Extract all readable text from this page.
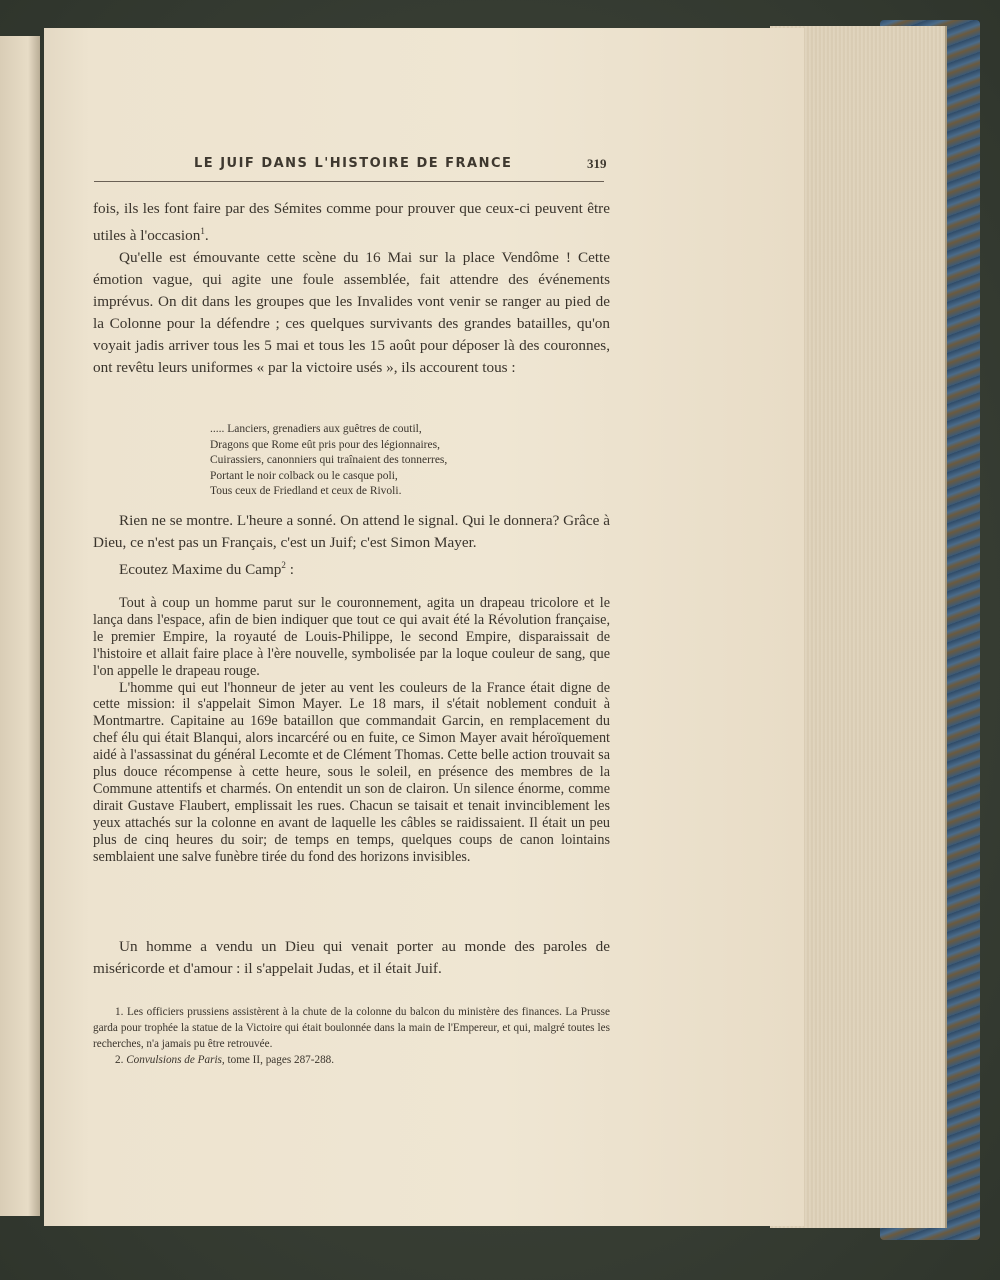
LE JUIF DANS L'HISTOIRE DE FRANCE	319

fois, ils les font faire par des Sémites comme pour prouver que ceux-ci peuvent être utiles à l'occasion$^1$.

Qu'elle est émouvante cette scène du 16 Mai sur la place Vendôme ! Cette émotion vague, qui agite une foule assemblée, fait attendre des événements imprévus. On dit dans les groupes que les Invalides vont venir se ranger au pied de la Colonne pour la défendre ; ces quelques survivants des grandes batailles, qu'on voyait jadis arriver tous les 5 mai et tous les 15 août pour déposer là des couronnes, ont revêtu leurs uniformes « par la victoire usés », ils accourent tous :

..... Lanciers, grenadiers aux guêtres de coutil,
Dragons que Rome eût pris pour des légionnaires,
Cuirassiers, canonniers qui traînaient des tonnerres,
Portant le noir colback ou le casque poli,
Tous ceux de Friedland et ceux de Rivoli.

Rien ne se montre. L'heure a sonné. On attend le signal. Qui le donnera? Grâce à Dieu, ce n'est pas un Français, c'est un Juif; c'est Simon Mayer.

Ecoutez Maxime du Camp$^2$ :

Tout à coup un homme parut sur le couronnement, agita un drapeau tricolore et le lança dans l'espace, afin de bien indiquer que tout ce qui avait été la Révolution française, le premier Empire, la royauté de Louis-Philippe, le second Empire, disparaissait de l'histoire et allait faire place à l'ère nouvelle, symbolisée par la loque couleur de sang, que l'on appelle le drapeau rouge.

L'homme qui eut l'honneur de jeter au vent les couleurs de la France était digne de cette mission: il s'appelait Simon Mayer. Le 18 mars, il s'était noblement conduit à Montmartre. Capitaine au 169e bataillon que commandait Garcin, en remplacement du chef élu qui était Blanqui, alors incarcéré ou en fuite, ce Simon Mayer avait héroïquement aidé à l'assassinat du général Lecomte et de Clément Thomas. Cette belle action trouvait sa plus douce récompense à cette heure, sous le soleil, en présence des membres de la Commune attentifs et charmés. On entendit un son de clairon. Un silence énorme, comme dirait Gustave Flaubert, emplissait les rues. Chacun se taisait et tenait invinciblement les yeux attachés sur la colonne en avant de laquelle les câbles se raidissaient. Il était un peu plus de cinq heures du soir; de temps en temps, quelques coups de canon lointains semblaient une salve funèbre tirée du fond des horizons invisibles.

Un homme a vendu un Dieu qui venait porter au monde des paroles de miséricorde et d'amour : il s'appelait Judas, et il était Juif.

1. Les officiers prussiens assistèrent à la chute de la colonne du balcon du ministère des finances. La Prusse garda pour trophée la statue de la Victoire qui était boulonnée dans la main de l'Empereur, et qui, malgré toutes les recherches, n'a jamais pu être retrouvée.

2. Convulsions de Paris, tome II, pages 287-288.
